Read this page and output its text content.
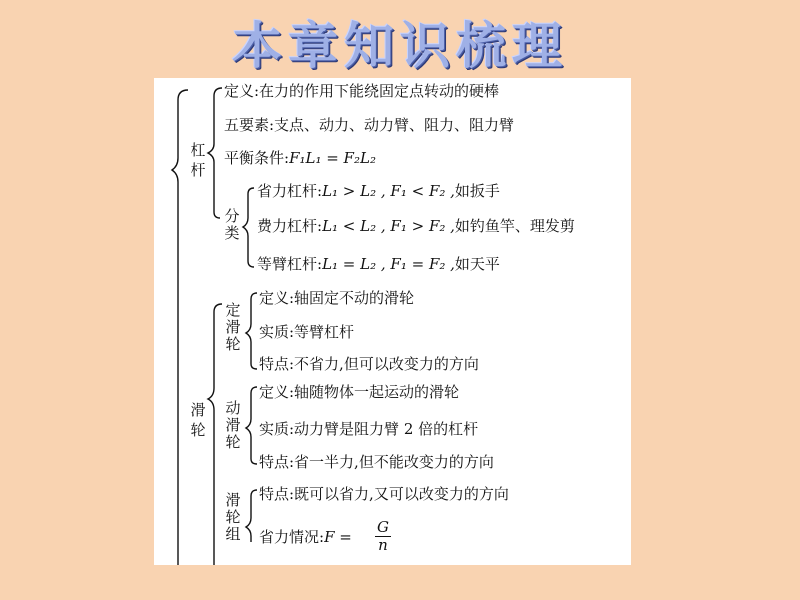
本章知识梳理
杠杆
定义:在力的作用下能绕固定点转动的硬棒
五要素:支点、动力、动力臂、阻力、阻力臂
平衡条件:F₁L₁ = F₂L₂
分类
省力杠杆:L₁ > L₂ , F₁ < F₂ ,如扳手
费力杠杆:L₁ < L₂ , F₁ > F₂ ,如钓鱼竿、理发剪
等臂杠杆:L₁ = L₂ , F₁ = F₂ ,如天平
滑轮
定滑轮
定义:轴固定不动的滑轮
实质:等臂杠杆
特点:不省力,但可以改变力的方向
动滑轮
定义:轴随物体一起运动的滑轮
实质:动力臂是阻力臂 2 倍的杠杆
特点:省一半力,但不能改变力的方向
滑轮组
特点:既可以省力,又可以改变力的方向
省力情况:F =
G
n
